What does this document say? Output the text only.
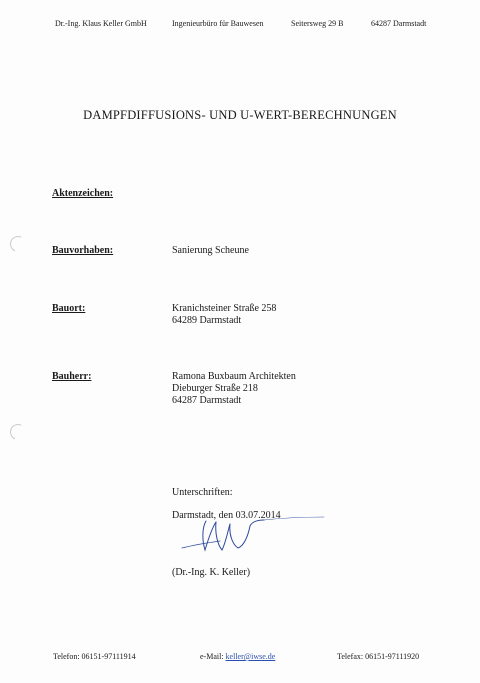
Dr.-Ing. Klaus Keller GmbH	Ingenieurbüro für Bauwesen	Seitersweg 29 B	64287 Darmstadt
DAMPFDIFFUSIONS- UND U-WERT-BERECHNUNGEN
Aktenzeichen:
Bauvorhaben:	Sanierung Scheune
Bauort:	Kranichsteiner Straße 258
64289 Darmstadt
Bauherr:	Ramona Buxbaum Architekten
Dieburger Straße 218
64287 Darmstadt
Unterschriften:
Darmstadt, den 03.07.2014
(Dr.-Ing. K. Keller)
Telefon: 06151-97111914	e-Mail: keller@iwse.de	Telefax: 06151-97111920
